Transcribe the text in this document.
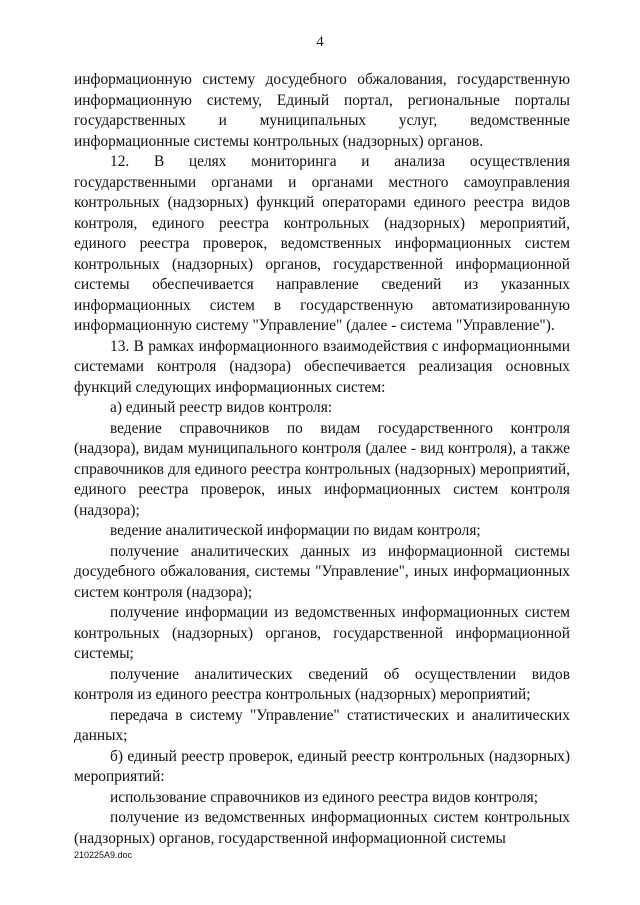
4

информационную систему досудебного обжалования, государственную информационную систему, Единый портал, региональные порталы государственных и муниципальных услуг, ведомственные информационные системы контрольных (надзорных) органов.

12. В целях мониторинга и анализа осуществления государственными органами и органами местного самоуправления контрольных (надзорных) функций операторами единого реестра видов контроля, единого реестра контрольных (надзорных) мероприятий, единого реестра проверок, ведомственных информационных систем контрольных (надзорных) органов, государственной информационной системы обеспечивается направление сведений из указанных информационных систем в государственную автоматизированную информационную систему "Управление" (далее - система "Управление").

13. В рамках информационного взаимодействия с информационными системами контроля (надзора) обеспечивается реализация основных функций следующих информационных систем:

а) единый реестр видов контроля:

ведение справочников по видам государственного контроля (надзора), видам муниципального контроля (далее - вид контроля), а также справочников для единого реестра контрольных (надзорных) мероприятий, единого реестра проверок, иных информационных систем контроля (надзора);

ведение аналитической информации по видам контроля;

получение аналитических данных из информационной системы досудебного обжалования, системы "Управление", иных информационных систем контроля (надзора);

получение информации из ведомственных информационных систем контрольных (надзорных) органов, государственной информационной системы;

получение аналитических сведений об осуществлении видов контроля из единого реестра контрольных (надзорных) мероприятий;

передача в систему "Управление" статистических и аналитических данных;

б) единый реестр проверок, единый реестр контрольных (надзорных) мероприятий:

использование справочников из единого реестра видов контроля;

получение из ведомственных информационных систем контрольных (надзорных) органов, государственной информационной системы

210225A9.doc
